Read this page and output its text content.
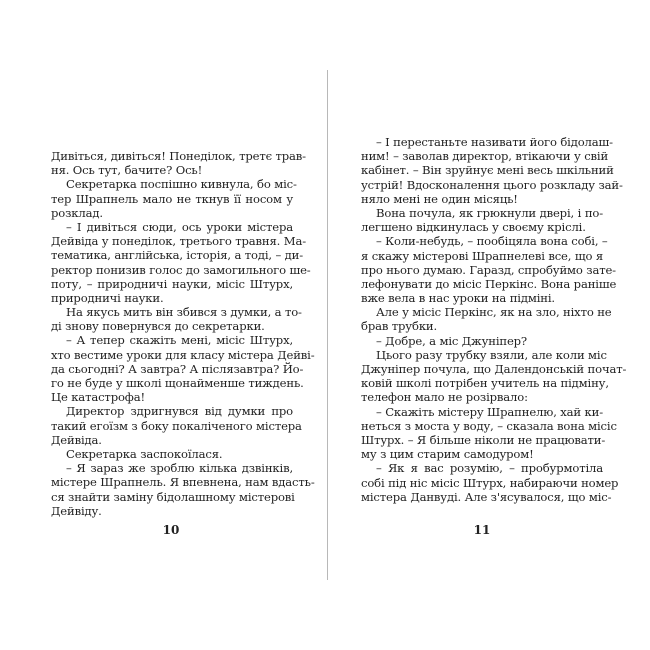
Дивіться, дивіться! Понеділок, третє трав-
ня. Ось тут, бачите? Ось!
Секретарка поспішно кивнула, бо міс-
тер Шрапнель мало не ткнув її носом у
розклад.
– І дивіться сюди, ось уроки містера
Дейвіда у понеділок, третього травня. Ма-
тематика, англійська, історія, а тоді, – ди-
ректор понизив голос до замогильного ше-
поту, – природничі науки, місіс Штурх,
природничі науки.
На якусь мить він збився з думки, а то-
ді знову повернувся до секретарки.
– А тепер скажіть мені, місіс Штурх,
хто вестиме уроки для класу містера Дейві-
да сьогодні? А завтра? А післязавтра? Йо-
го не буде у школі щонайменше тиждень.
Це катастрофа!
Директор здригнувся від думки про
такий егоїзм з боку покаліченого містера
Дейвіда.
Секретарка заспокоїлася.
– Я зараз же зроблю кілька дзвінків,
містере Шрапнель. Я впевнена, нам вдасть-
ся знайти заміну бідолашному містерові
Дейвіду.
– І перестаньте називати його бідолаш-
ним! – заволав директор, втікаючи у свій
кабінет. – Він зруйнує мені весь шкільний
устрій! Вдосконалення цього розкладу зай-
няло мені не один місяць!
Вона почула, як грюкнули двері, і по-
легшено відкинулась у своєму кріслі.
– Коли-небудь, – пообіцяла вона собі, –
я скажу містерові Шрапнелеві все, що я
про нього думаю. Гаразд, спробуймо зате-
лефонувати до місіс Перкінс. Вона раніше
вже вела в нас уроки на підміні.
Але у місіс Перкінс, як на зло, ніхто не
брав трубки.
– Добре, а міс Джуніпер?
Цього разу трубку взяли, але коли міс
Джуніпер почула, що Далендонській почат-
ковій школі потрібен учитель на підміну,
телефон мало не розірвало:
– Скажіть містеру Шрапнелю, хай ки-
неться з моста у воду, – сказала вона місіс
Штурх. – Я більше ніколи не працювати-
му з цим старим самодуром!
– Як я вас розумію, – пробурмотіла
собі під ніс місіс Штурх, набираючи номер
містера Данвуді. Але з'ясувалося, що міс-
10	11
